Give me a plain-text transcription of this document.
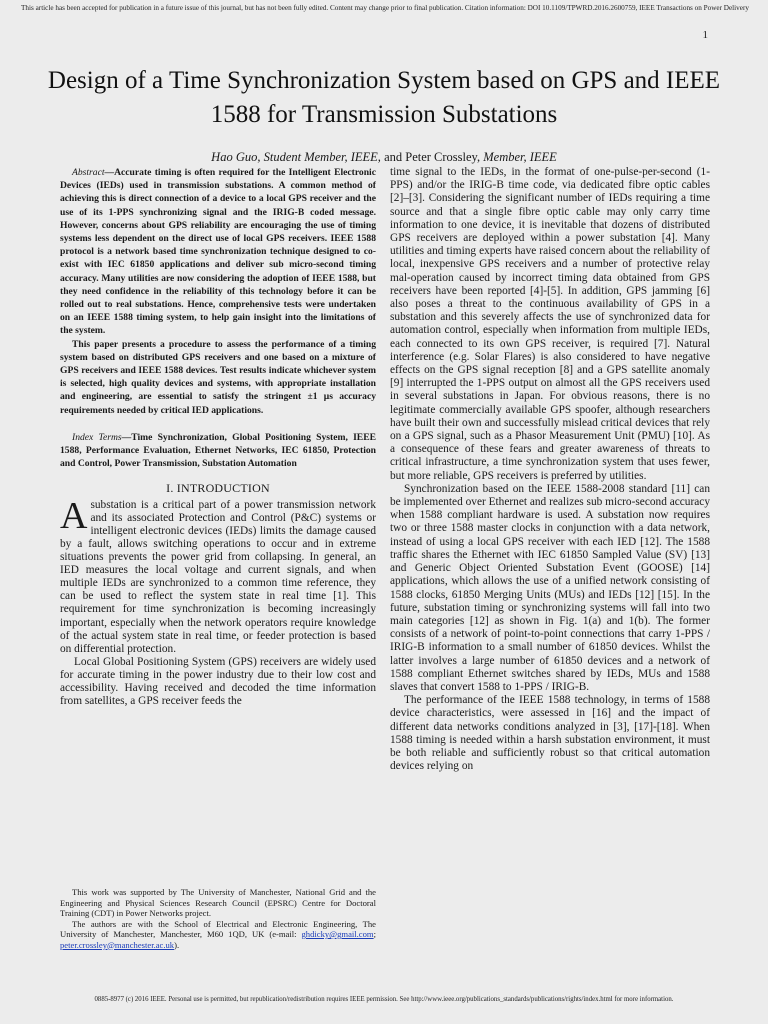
This article has been accepted for publication in a future issue of this journal, but has not been fully edited. Content may change prior to final publication. Citation information: DOI 10.1109/TPWRD.2016.2600759, IEEE Transactions on Power Delivery
1
Design of a Time Synchronization System based on GPS and IEEE 1588 for Transmission Substations
Hao Guo, Student Member, IEEE, and Peter Crossley, Member, IEEE

Abstract—Accurate timing is often required for the Intelligent Electronic Devices (IEDs) used in transmission substations. A common method of achieving this is direct connection of a device to a local GPS receiver and the use of its 1-PPS synchronizing signal and the IRIG-B coded message. However, concerns about GPS reliability are encouraging the use of timing systems less dependent on the direct use of local GPS receivers. IEEE 1588 protocol is a network based time synchronization technique designed to co-exist with IEC 61850 applications and deliver sub micro-second timing accuracy. Many utilities are now considering the adoption of IEEE 1588, but they need confidence in the reliability of this technology before it can be rolled out to real substations. Hence, comprehensive tests were undertaken on an IEEE 1588 timing system, to help gain insight into the limitations of the system.

This paper presents a procedure to assess the performance of a timing system based on distributed GPS receivers and one based on a mixture of GPS receivers and IEEE 1588 devices. Test results indicate whichever system is selected, high quality devices and systems, with appropriate installation and engineering, are essential to satisfy the stringent ±1 μs accuracy requirements needed by critical IED applications.

Index Terms—Time Synchronization, Global Positioning System, IEEE 1588, Performance Evaluation, Ethernet Networks, IEC 61850, Protection and Control, Power Transmission, Substation Automation
I. INTRODUCTION

Asubstation is a critical part of a power transmission network and its associated Protection and Control (P&C) systems or intelligent electronic devices (IEDs) limits the damage caused by a fault, allows switching operations to occur and in extreme situations prevents the power grid from collapsing. In general, an IED measures the local voltage and current signals, and when multiple IEDs are synchronized to a common time reference, they can be used to reflect the system state in real time [1]. This requirement for time synchronization is becoming increasingly important, especially when the network operators require knowledge of the actual system state in real time, or feeder protection is based on differential protection.

Local Global Positioning System (GPS) receivers are widely used for accurate timing in the power industry due to their low cost and accessibility. Having received and decoded the time information from satellites, a GPS receiver feeds the

time signal to the IEDs, in the format of one-pulse-per-second (1-PPS) and/or the IRIG-B time code, via dedicated fibre optic cables [2]–[3]. Considering the significant number of IEDs requiring a time source and that a single fibre optic cable may only carry time information to one device, it is inevitable that dozens of distributed GPS receivers are deployed within a power substation [4]. Many utilities and timing experts have raised concern about the reliability of local, inexpensive GPS receivers and a number of protective relay mal-operation caused by incorrect timing data obtained from GPS receivers have been reported [4]-[5]. In addition, GPS jamming [6] also poses a threat to the continuous availability of GPS in a substation and this severely affects the use of synchronized data for automation control, especially when information from multiple IEDs, each connected to its own GPS receiver, is required [7]. Natural interference (e.g. Solar Flares) is also considered to have negative effects on the GPS signal reception [8] and a GPS satellite anomaly [9] interrupted the 1-PPS output on almost all the GPS receivers used in several substations in Japan. For obvious reasons, there is no legitimate commercially available GPS spoofer, although researchers have built their own and successfully mislead critical devices that rely on a GPS signal, such as a Phasor Measurement Unit (PMU) [10]. As a consequence of these fears and greater awareness of threats to critical infrastructure, a time synchronization system that uses fewer, but more reliable, GPS receivers is preferred by utilities.

Synchronization based on the IEEE 1588-2008 standard [11] can be implemented over Ethernet and realizes sub micro-second accuracy when 1588 compliant hardware is used. A substation now requires two or three 1588 master clocks in conjunction with a data network, instead of using a local GPS receiver with each IED [12]. The 1588 traffic shares the Ethernet with IEC 61850 Sampled Value (SV) [13] and Generic Object Oriented Substation Event (GOOSE) [14] applications, which allows the use of a unified network consisting of 1588 clocks, 61850 Merging Units (MUs) and IEDs [12] [15]. In the future, substation timing or synchronizing systems will fall into two main categories [12] as shown in Fig. 1(a) and 1(b). The former consists of a network of point-to-point connections that carry 1-PPS / IRIG-B information to a small number of 61850 devices. Whilst the latter involves a large number of 61850 devices and a network of 1588 compliant Ethernet switches shared by IEDs, MUs and 1588 slaves that convert 1588 to 1-PPS / IRIG-B.

The performance of the IEEE 1588 technology, in terms of 1588 device characteristics, were assessed in [16] and the impact of different data networks conditions analyzed in [3], [17]-[18]. When 1588 timing is needed within a harsh substation environment, it must be both reliable and sufficiently robust so that critical automation devices relying on

This work was supported by The University of Manchester, National Grid and the Engineering and Physical Sciences Research Council (EPSRC) Centre for Doctoral Training (CDT) in Power Networks project.

The authors are with the School of Electrical and Electronic Engineering, The University of Manchester, Manchester, M60 1QD, UK (e-mail: ghdicky@gmail.com; peter.crossley@manchester.ac.uk).

0885-8977 (c) 2016 IEEE. Personal use is permitted, but republication/redistribution requires IEEE permission. See http://www.ieee.org/publications_standards/publications/rights/index.html for more information.
